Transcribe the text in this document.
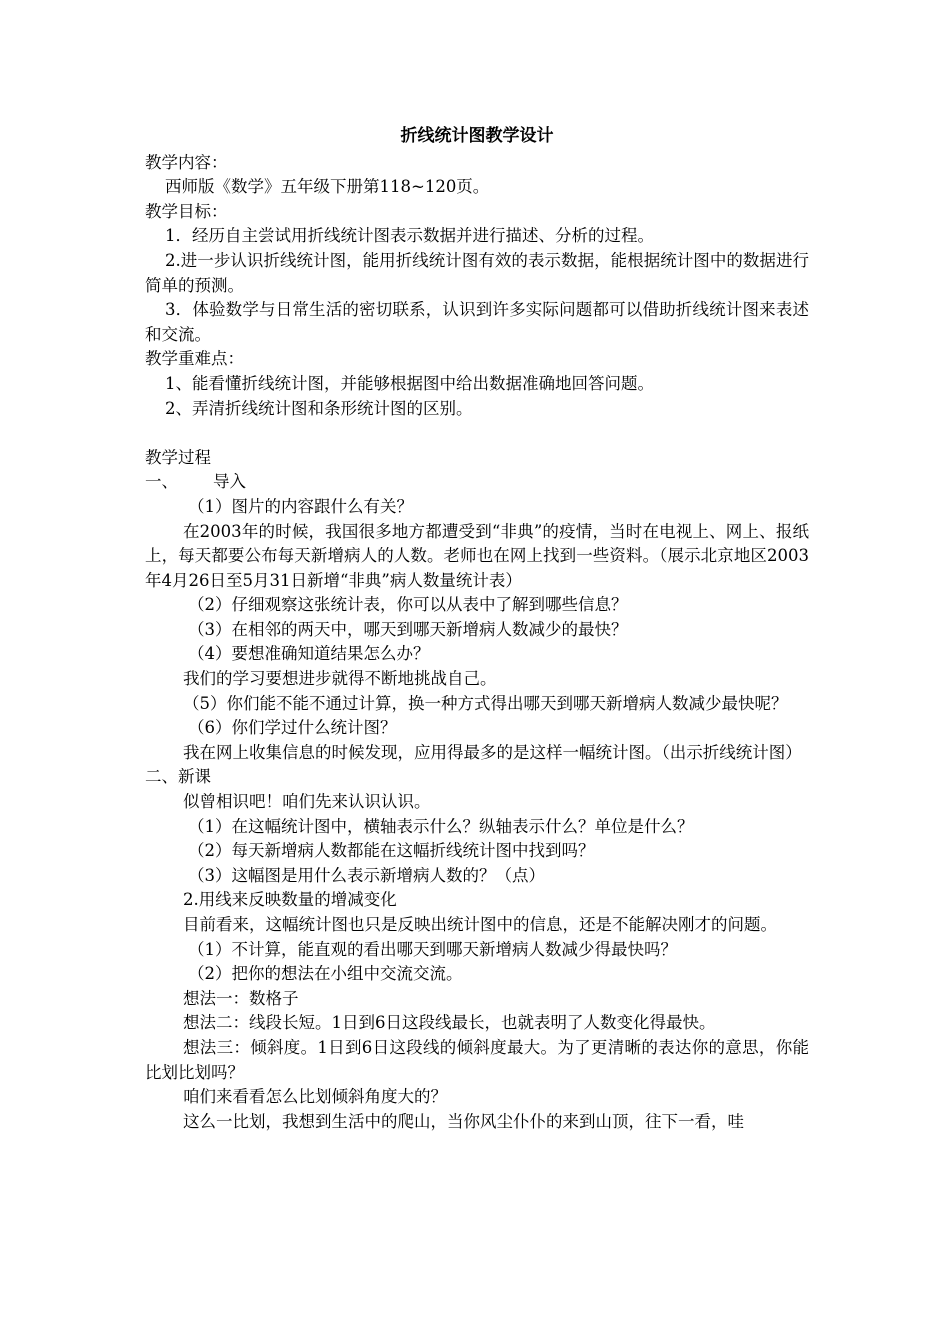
折线统计图教学设计

教学内容：

西师版《数学》五年级下册第118~120页。

教学目标：

1．经历自主尝试用折线统计图表示数据并进行描述、分析的过程。

2.进一步认识折线统计图，能用折线统计图有效的表示数据，能根据统计图中的数据进行简单的预测。

3．体验数学与日常生活的密切联系，认识到许多实际问题都可以借助折线统计图来表述和交流。

教学重难点：

1、能看懂折线统计图，并能够根据图中给出数据准确地回答问题。

2、弄清折线统计图和条形统计图的区别。

教学过程

一、 导入

（1）图片的内容跟什么有关？

在2003年的时候，我国很多地方都遭受到“非典”的疫情，当时在电视上、网上、报纸上，每天都要公布每天新增病人的人数。老师也在网上找到一些资料。（展示北京地区2003年4月26日至5月31日新增“非典”病人数量统计表）

（2）仔细观察这张统计表，你可以从表中了解到哪些信息？

（3）在相邻的两天中，哪天到哪天新增病人数减少的最快？

（4）要想准确知道结果怎么办？

我们的学习要想进步就得不断地挑战自己。

（5）你们能不能不通过计算，换一种方式得出哪天到哪天新增病人数减少最快呢？

（6）你们学过什么统计图？

我在网上收集信息的时候发现，应用得最多的是这样一幅统计图。（出示折线统计图）

二、新课

似曾相识吧！咱们先来认识认识。

（1）在这幅统计图中，横轴表示什么？纵轴表示什么？单位是什么？

（2）每天新增病人数都能在这幅折线统计图中找到吗？

（3）这幅图是用什么表示新增病人数的？（点）

2.用线来反映数量的增减变化

目前看来，这幅统计图也只是反映出统计图中的信息，还是不能解决刚才的问题。

（1）不计算，能直观的看出哪天到哪天新增病人数减少得最快吗？

（2）把你的想法在小组中交流交流。

想法一：数格子

想法二：线段长短。1日到6日这段线最长，也就表明了人数变化得最快。

想法三：倾斜度。1日到6日这段线的倾斜度最大。为了更清晰的表达你的意思，你能比划比划吗？

咱们来看看怎么比划倾斜角度大的？

这么一比划，我想到生活中的爬山，当你风尘仆仆的来到山顶，往下一看，哇
